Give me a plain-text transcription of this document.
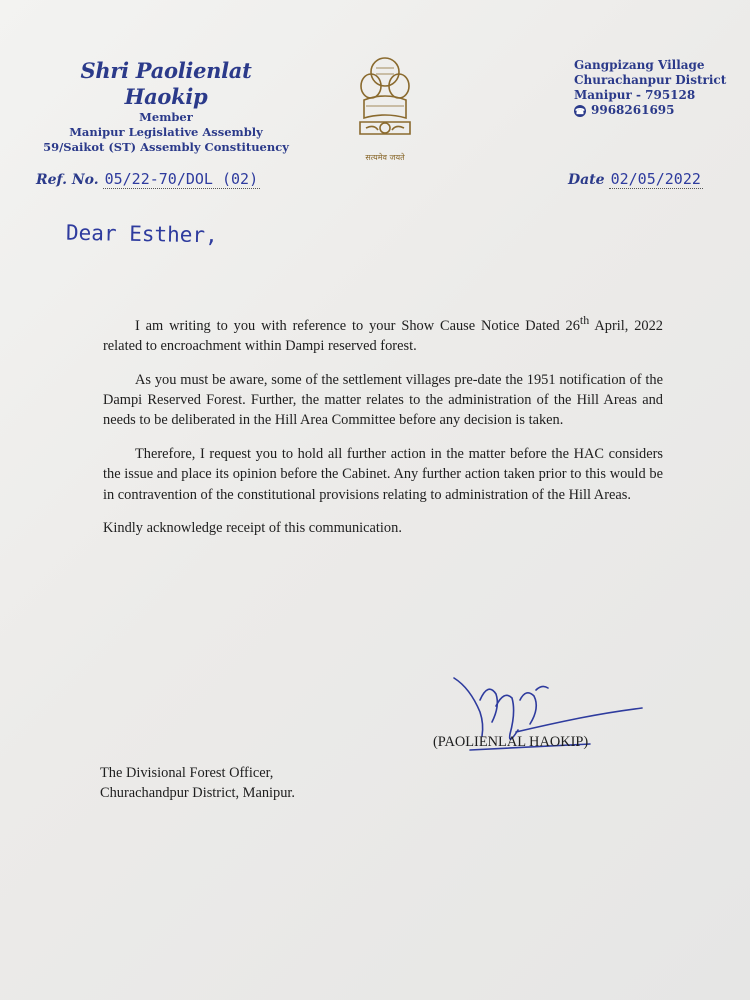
Shri Paolienlat Haokip
Member
Manipur Legislative Assembly
59/Saikot (ST) Assembly Constituency
सत्यमेव जयते
Gangpizang Village
Churachanpur District
Manipur - 795128
☎ 9968261695
Ref. No. 05/22-70/DOL (02)	Date 02/05/2022
Dear Esther,

I am writing to you with reference to your Show Cause Notice Dated 26th April, 2022 related to encroachment within Dampi reserved forest.

As you must be aware, some of the settlement villages pre-date the 1951 notification of the Dampi Reserved Forest. Further, the matter relates to the administration of the Hill Areas and needs to be deliberated in the Hill Area Committee before any decision is taken.

Therefore, I request you to hold all further action in the matter before the HAC considers the issue and place its opinion before the Cabinet. Any further action taken prior to this would be in contravention of the constitutional provisions relating to administration of the Hill Areas.

Kindly acknowledge receipt of this communication.

(PAOLIENLAL HAOKIP)
The Divisional Forest Officer,
Churachandpur District, Manipur.
